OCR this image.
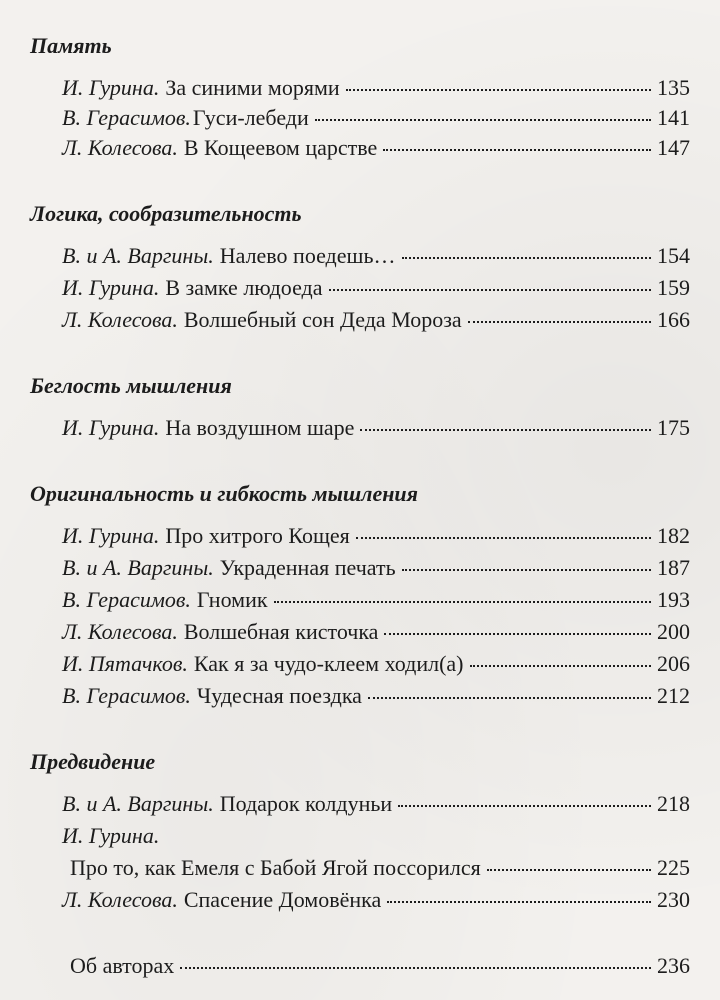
Память
И. Гурина. За синими морями	135
В. Герасимов. Гуси-лебеди	141
Л. Колесова. В Кощеевом царстве	147
Логика, сообразительность
В. и А. Варгины. Налево поедешь…	154
И. Гурина. В замке людоеда	159
Л. Колесова. Волшебный сон Деда Мороза	166
Беглость мышления
И. Гурина. На воздушном шаре	175
Оригинальность и гибкость мышления
И. Гурина. Про хитрого Кощея	182
В. и А. Варгины. Украденная печать	187
В. Герасимов. Гномик	193
Л. Колесова. Волшебная кисточка	200
И. Пятачков. Как я за чудо-клеем ходил(а)	206
В. Герасимов. Чудесная поездка	212
Предвидение
В. и А. Варгины. Подарок колдуньи	218
И. Гурина.
Про то, как Емеля с Бабой Ягой поссорился	225
Л. Колесова. Спасение Домовёнка	230
Об авторах	236
